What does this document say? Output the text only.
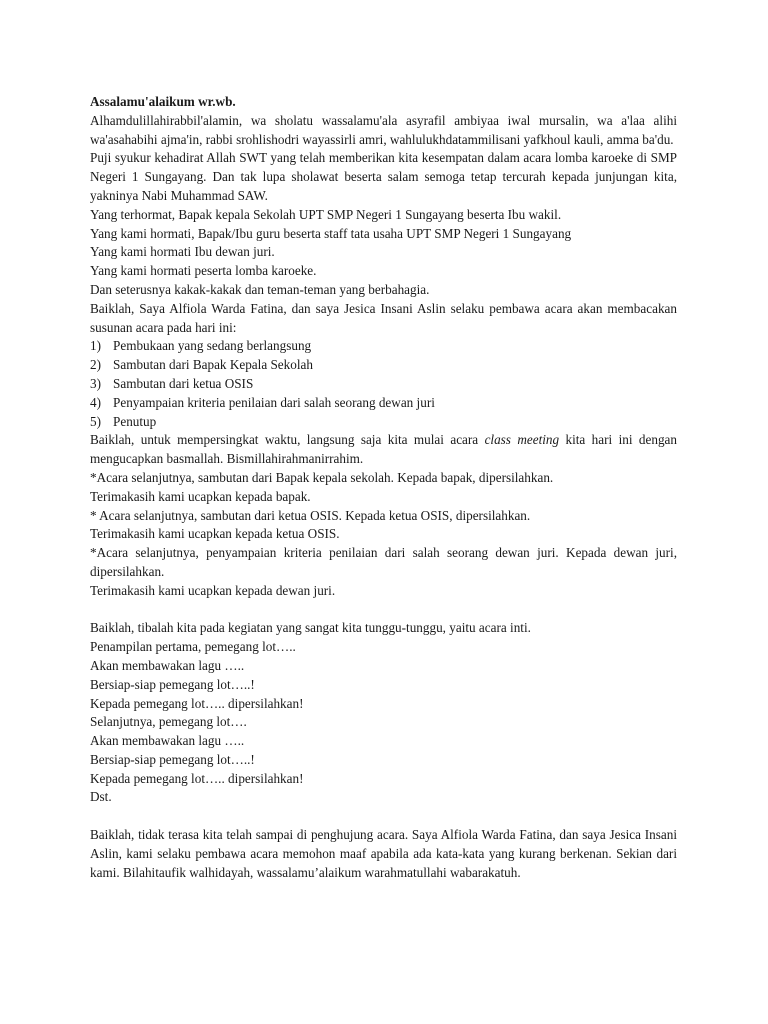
Assalamu'alaikum wr.wb.

Alhamdulillahirabbil'alamin, wa sholatu wassalamu'ala asyrafil ambiyaa iwal mursalin, wa a'laa alihi wa'asahabihi ajma'in, rabbi srohlishodri wayassirli amri, wahlulukhdatammilisani yafkhoul kauli, amma ba'du.

Puji syukur kehadirat Allah SWT yang telah memberikan kita kesempatan dalam acara lomba karoeke di SMP Negeri 1 Sungayang. Dan tak lupa sholawat beserta salam semoga tetap tercurah kepada junjungan kita, yakninya Nabi Muhammad SAW.

Yang terhormat, Bapak kepala Sekolah UPT SMP Negeri 1 Sungayang beserta Ibu wakil.

Yang kami hormati, Bapak/Ibu guru beserta staff tata usaha UPT SMP Negeri 1 Sungayang

Yang kami hormati Ibu dewan juri.

Yang kami hormati peserta lomba karoeke.

Dan seterusnya kakak-kakak dan teman-teman yang berbahagia.

Baiklah, Saya Alfiola Warda Fatina, dan saya Jesica Insani Aslin selaku pembawa acara akan membacakan susunan acara pada hari ini:

1) Pembukaan yang sedang berlangsung
2) Sambutan dari Bapak Kepala Sekolah
3) Sambutan dari ketua OSIS
4) Penyampaian kriteria penilaian dari salah seorang dewan juri
5) Penutup

Baiklah, untuk mempersingkat waktu, langsung saja kita mulai acara class meeting kita hari ini dengan mengucapkan basmallah. Bismillahirahmanirrahim.

*Acara selanjutnya, sambutan dari Bapak kepala sekolah. Kepada bapak, dipersilahkan.

Terimakasih kami ucapkan kepada bapak.

* Acara selanjutnya, sambutan dari ketua OSIS. Kepada ketua OSIS, dipersilahkan.

Terimakasih kami ucapkan kepada ketua OSIS.

*Acara selanjutnya, penyampaian kriteria penilaian dari salah seorang dewan juri. Kepada dewan juri, dipersilahkan.

Terimakasih kami ucapkan kepada dewan juri.

Baiklah, tibalah kita pada kegiatan yang sangat kita tunggu-tunggu, yaitu acara inti.

Penampilan pertama, pemegang lot…..

Akan membawakan lagu …..

Bersiap-siap pemegang lot…..!

Kepada pemegang lot….. dipersilahkan!

Selanjutnya, pemegang lot….

Akan membawakan lagu …..

Bersiap-siap pemegang lot…..!

Kepada pemegang lot….. dipersilahkan!

Dst.

Baiklah, tidak terasa kita telah sampai di penghujung acara. Saya Alfiola Warda Fatina, dan saya Jesica Insani Aslin, kami selaku pembawa acara memohon maaf apabila ada kata-kata yang kurang berkenan. Sekian dari kami. Bilahitaufik walhidayah, wassalamu’alaikum warahmatullahi wabarakatuh.
